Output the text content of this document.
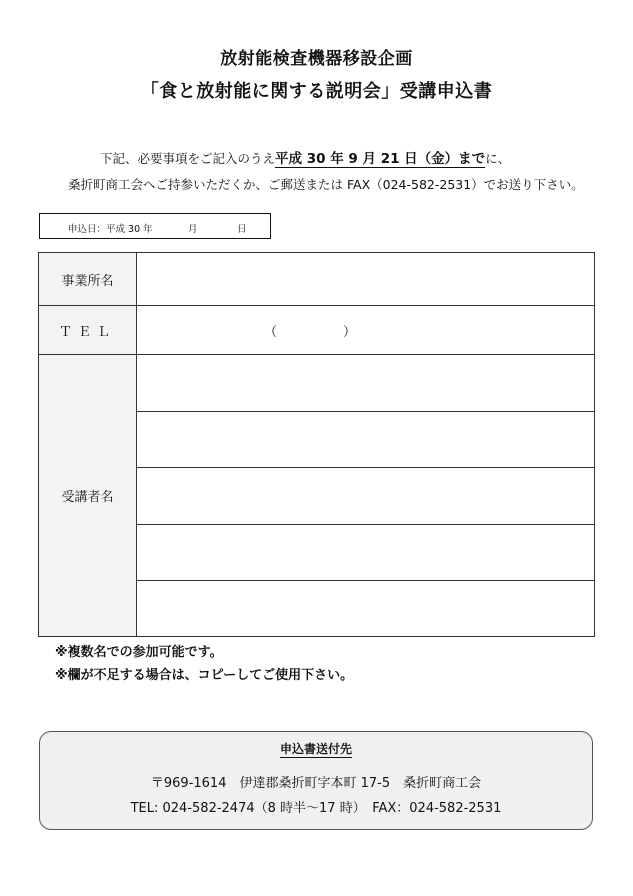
放射能検査機器移設企画
「食と放射能に関する説明会」受講申込書
下記、必要事項をご記入のうえ平成 30 年 9 月 21 日（金）までに、
桑折町商工会へご持参いただくか、ご郵送または FAX（024-582-2531）でお送り下さい。
申込日：平成 30 年	月	日
事業所名
ＴＥＬ	（	）
受講者名
※複数名での参加可能です。
※欄が不足する場合は、コピーしてご使用下さい。
申込書送付先
〒969-1614　伊達郡桑折町字本町 17-5　桑折町商工会
TEL: 024-582-2474（8 時半～17 時）　FAX：024-582-2531
